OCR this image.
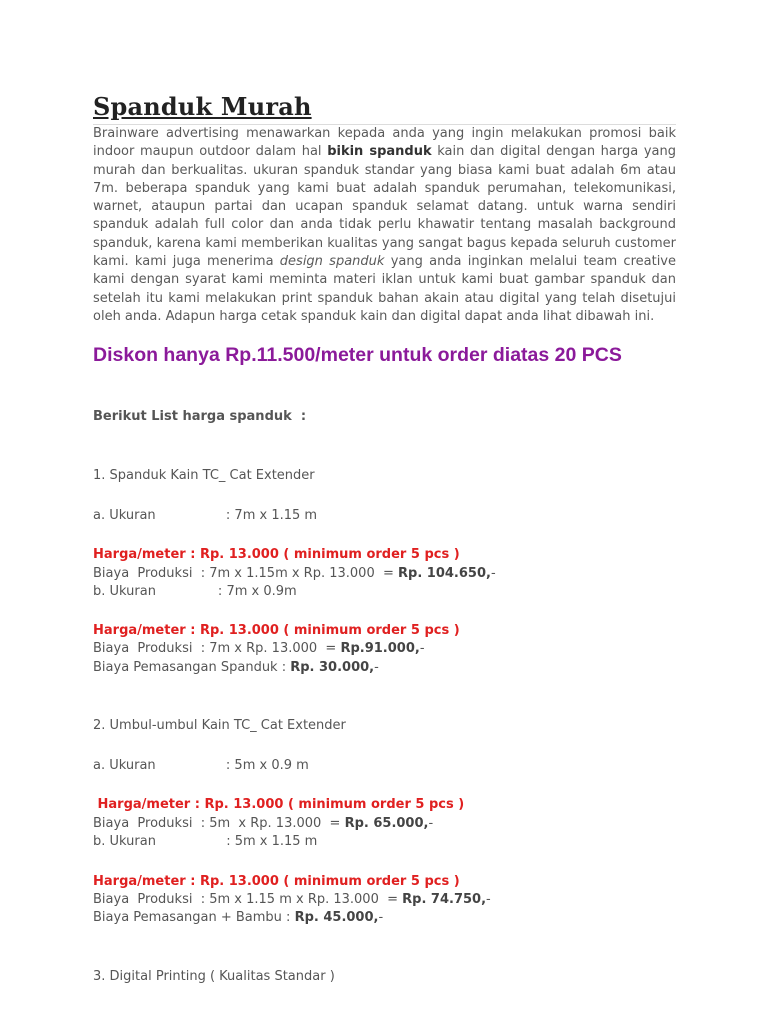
Spanduk Murah
Brainware advertising menawarkan kepada anda yang ingin melakukan promosi baik indoor maupun outdoor dalam hal bikin spanduk kain dan digital dengan harga yang murah dan berkualitas. ukuran spanduk standar yang biasa kami buat adalah 6m atau 7m. beberapa spanduk yang kami buat adalah spanduk perumahan, telekomunikasi, warnet, ataupun partai dan ucapan spanduk selamat datang. untuk warna sendiri spanduk adalah full color dan anda tidak perlu khawatir tentang masalah background spanduk, karena kami memberikan kualitas yang sangat bagus kepada seluruh customer kami. kami juga menerima design spanduk yang anda inginkan melalui team creative kami dengan syarat kami meminta materi iklan untuk kami buat gambar spanduk dan setelah itu kami melakukan print spanduk bahan akain atau digital yang telah disetujui oleh anda. Adapun harga cetak spanduk kain dan digital dapat anda lihat dibawah ini.
Diskon hanya Rp.11.500/meter untuk order diatas 20 PCS
Berikut List harga spanduk  :
1. Spanduk Kain TC_ Cat Extender
a. Ukuran                 : 7m x 1.15 m
Harga/meter : Rp. 13.000 ( minimum order 5 pcs )
Biaya  Produksi  : 7m x 1.15m x Rp. 13.000  = Rp. 104.650,-
b. Ukuran               : 7m x 0.9m
Harga/meter : Rp. 13.000 ( minimum order 5 pcs )
Biaya  Produksi  : 7m x Rp. 13.000  = Rp.91.000,-
Biaya Pemasangan Spanduk : Rp. 30.000,-
2. Umbul-umbul Kain TC_ Cat Extender
a. Ukuran                 : 5m x 0.9 m
Harga/meter : Rp. 13.000 ( minimum order 5 pcs )
Biaya  Produksi  : 5m  x Rp. 13.000  = Rp. 65.000,-
b. Ukuran                 : 5m x 1.15 m
Harga/meter : Rp. 13.000 ( minimum order 5 pcs )
Biaya  Produksi  : 5m x 1.15 m x Rp. 13.000  = Rp. 74.750,-
Biaya Pemasangan + Bambu : Rp. 45.000,-
3. Digital Printing ( Kualitas Standar )
